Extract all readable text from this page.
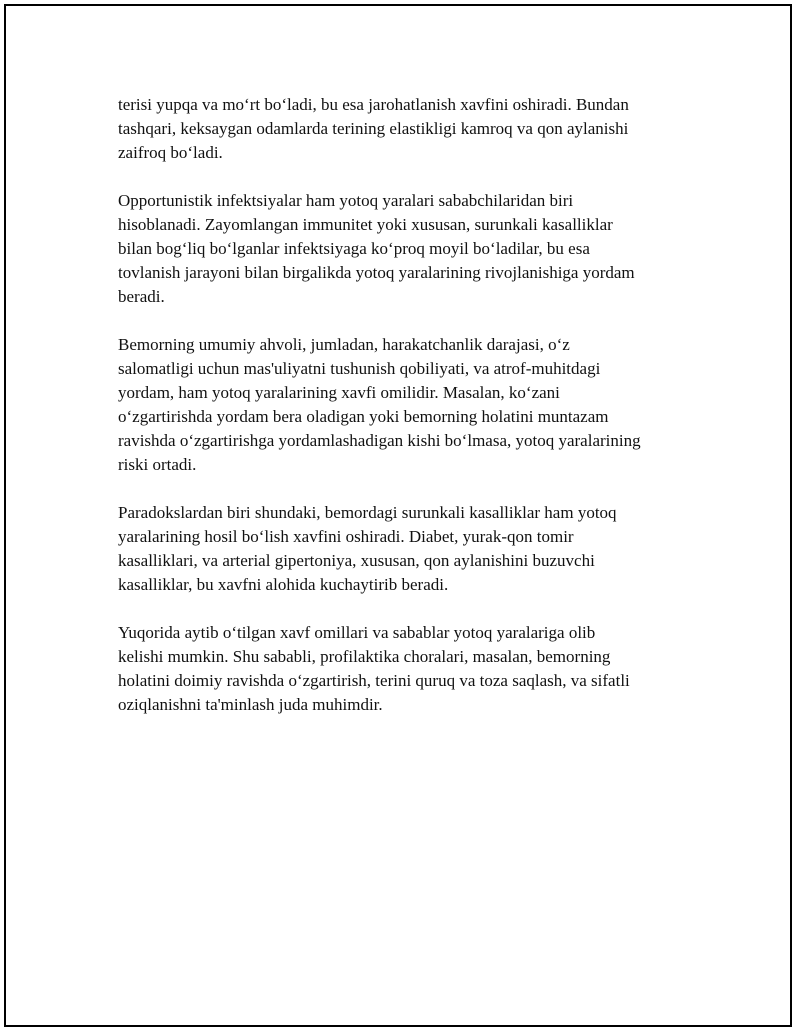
terisi yupqa va mo‘rt bo‘ladi, bu esa jarohatlanish xavfini oshiradi. Bundan
tashqari, keksaygan odamlarda terining elastikligi kamroq va qon aylanishi
zaifroq bo‘ladi.

Opportunistik infektsiyalar ham yotoq yaralari sababchilaridan biri
hisoblanadi. Zayomlangan immunitet yoki xususan, surunkali kasalliklar
bilan bog‘liq bo‘lganlar infektsiyaga ko‘proq moyil bo‘ladilar, bu esa
tovlanish jarayoni bilan birgalikda yotoq yaralarining rivojlanishiga yordam
beradi.

Bemorning umumiy ahvoli, jumladan, harakatchanlik darajasi, o‘z
salomatligi uchun mas'uliyatni tushunish qobiliyati, va atrof-muhitdagi
yordam, ham yotoq yaralarining xavfi omilidir. Masalan, ko‘zani
o‘zgartirishda yordam bera oladigan yoki bemorning holatini muntazam
ravishda o‘zgartirishga yordamlashadigan kishi bo‘lmasa, yotoq yaralarining
riski ortadi.

Paradokslardan biri shundaki, bemordagi surunkali kasalliklar ham yotoq
yaralarining hosil bo‘lish xavfini oshiradi. Diabet, yurak-qon tomir
kasalliklari, va arterial gipertoniya, xususan, qon aylanishini buzuvchi
kasalliklar, bu xavfni alohida kuchaytirib beradi.

Yuqorida aytib o‘tilgan xavf omillari va sabablar yotoq yaralariga olib
kelishi mumkin. Shu sababli, profilaktika choralari, masalan, bemorning
holatini doimiy ravishda o‘zgartirish, terini quruq va toza saqlash, va sifatli
oziqlanishni ta'minlash juda muhimdir.
